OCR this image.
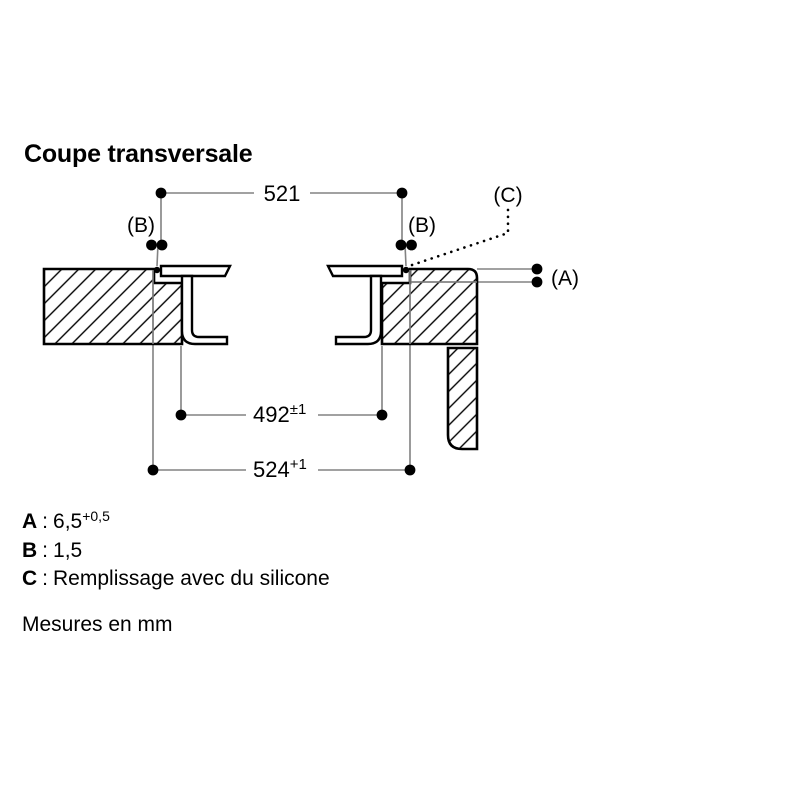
Coupe transversale
521
$492^{\pm 1}$
$524^{+1}$
(B)	(B)
(C)
(A)
A : $6,5^{+0,5}$
B : 1,5
C : Remplissage avec du silicone
Mesures en mm
